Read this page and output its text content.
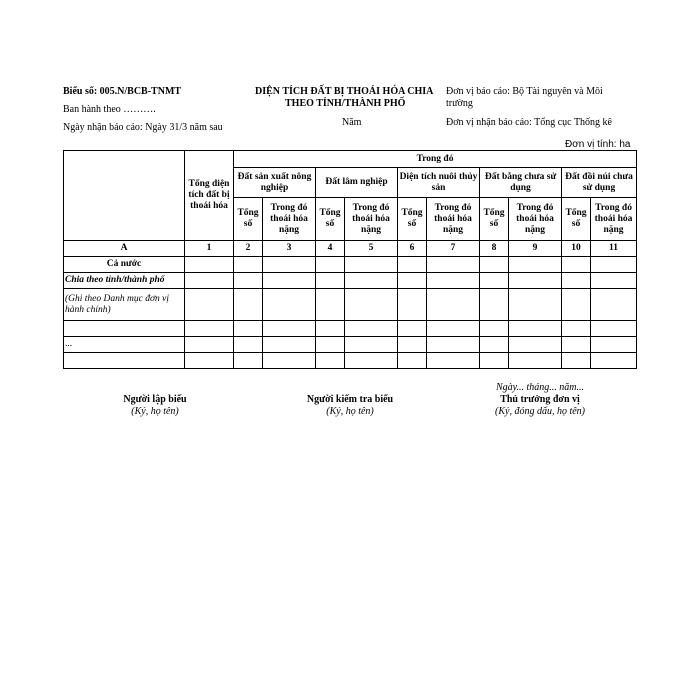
Biểu số: 005.N/BCB-TNMT
Ban hành theo ……….
Ngày nhận báo cáo: Ngày 31/3 năm sau
DIỆN TÍCH ĐẤT BỊ THOÁI HÓA CHIA
THEO TỈNH/THÀNH PHỐ
Năm
Đơn vị báo cáo: Bộ Tài nguyên và Môi
trường
Đơn vị nhận báo cáo: Tổng cục Thống kê
Đơn vị tính: ha
	Tổng diện tích đất bị thoái hóa	Trong đó									
		Đất sản xuất nông nghiệp		Đất lâm nghiệp		Diện tích nuôi thủy sản		Đất bằng chưa sử dụng		Đất đồi núi chưa sử dụng	
		Tổng số	Trong đó thoái hóa nặng	Tổng số	Trong đó thoái hóa nặng	Tổng số	Trong đó thoái hóa nặng	Tổng số	Trong đó thoái hóa nặng	Tổng số	Trong đó thoái hóa nặng
A	1	2	3	4	5	6	7	8	9	10	11
Cả nước											
Chia theo tỉnh/thành phố											
(Ghi theo Danh mục đơn vị hành chính)											

...											

Ngày... tháng... năm...
Người lập biểu
(Ký, họ tên)
Người kiểm tra biểu
(Ký, họ tên)
Thủ trưởng đơn vị
(Ký, đóng dấu, họ tên)
